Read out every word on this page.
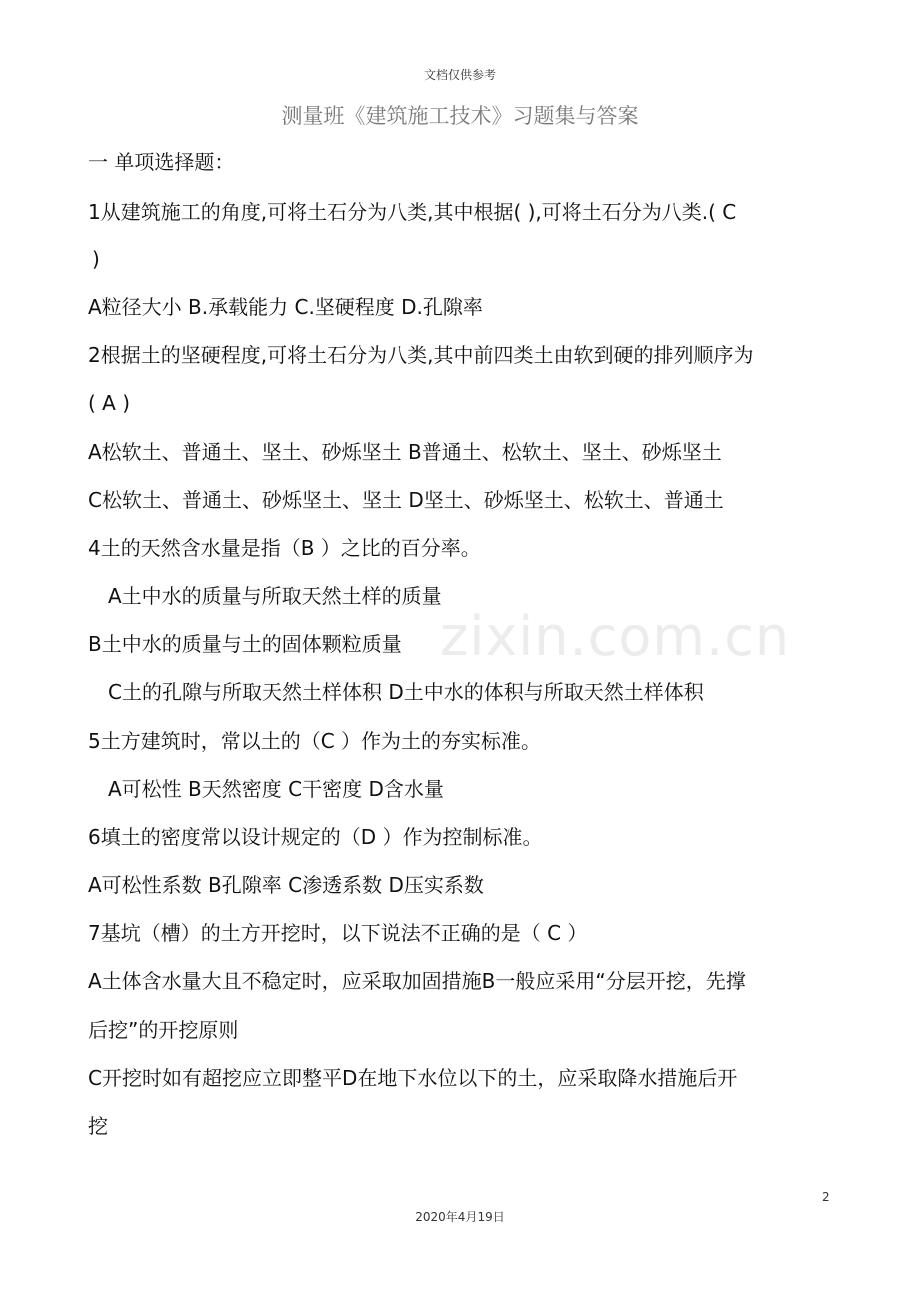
文档仅供参考
测量班《建筑施工技术》习题集与答案
zixin.com.cn
一 单项选择题：
1从建筑施工的角度,可将土石分为八类,其中根据( ),可将土石分为八类.( C
)
A粒径大小 B.承载能力 C.坚硬程度 D.孔隙率
2根据土的坚硬程度,可将土石分为八类,其中前四类土由软到硬的排列顺序为
( A )
A松软土、普通土、坚土、砂烁坚土 B普通土、松软土、坚土、砂烁坚土
C松软土、普通土、砂烁坚土、坚土 D坚土、砂烁坚土、松软土、普通土
4土的天然含水量是指（B ）之比的百分率。
A土中水的质量与所取天然土样的质量
B土中水的质量与土的固体颗粒质量
C土的孔隙与所取天然土样体积 D土中水的体积与所取天然土样体积
5土方建筑时，常以土的（C ）作为土的夯实标准。
A可松性 B天然密度 C干密度 D含水量
6填土的密度常以设计规定的（D ）作为控制标准。
A可松性系数 B孔隙率 C渗透系数 D压实系数
7基坑（槽）的土方开挖时，以下说法不正确的是（ C ）
A土体含水量大且不稳定时，应采取加固措施B一般应采用“分层开挖，先撑
后挖”的开挖原则
C开挖时如有超挖应立即整平D在地下水位以下的土，应采取降水措施后开
挖
2
2020年4月19日
